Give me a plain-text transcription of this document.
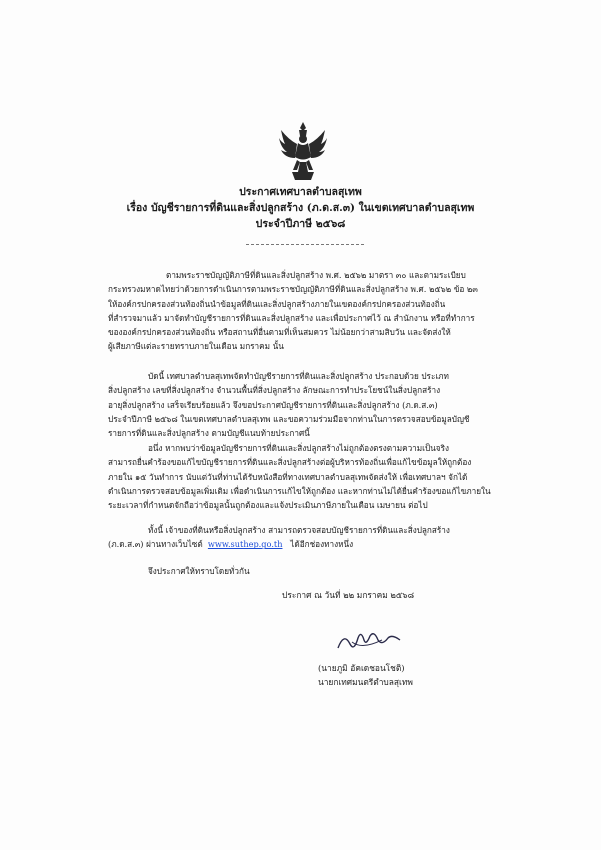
ประกาศเทศบาลตำบลสุเทพ
เรื่อง บัญชีรายการที่ดินและสิ่งปลูกสร้าง (ภ.ด.ส.๓) ในเขตเทศบาลตำบลสุเทพ
ประจำปีภาษี ๒๕๖๘
ตามพระราชบัญญัติภาษีที่ดินและสิ่งปลูกสร้าง พ.ศ. ๒๕๖๒ มาตรา ๓๐ และตามระเบียบ
กระทรวงมหาดไทยว่าด้วยการดำเนินการตามพระราชบัญญัติภาษีที่ดินและสิ่งปลูกสร้าง พ.ศ. ๒๕๖๒ ข้อ ๒๓
ให้องค์กรปกครองส่วนท้องถิ่นนำข้อมูลที่ดินและสิ่งปลูกสร้างภายในเขตองค์กรปกครองส่วนท้องถิ่น
ที่สำรวจมาแล้ว มาจัดทำบัญชีรายการที่ดินและสิ่งปลูกสร้าง และเพื่อประกาศไว้ ณ สำนักงาน หรือที่ทำการ
ขององค์กรปกครองส่วนท้องถิ่น หรือสถานที่อื่นตามที่เห็นสมควร ไม่น้อยกว่าสามสิบวัน และจัดส่งให้
ผู้เสียภาษีแต่ละรายทราบภายในเดือน มกราคม นั้น
บัดนี้ เทศบาลตำบลสุเทพจัดทำบัญชีรายการที่ดินและสิ่งปลูกสร้าง ประกอบด้วย ประเภท
สิ่งปลูกสร้าง เลขที่สิ่งปลูกสร้าง จำนวนพื้นที่สิ่งปลูกสร้าง ลักษณะการทำประโยชน์ในสิ่งปลูกสร้าง
อายุสิ่งปลูกสร้าง เสร็จเรียบร้อยแล้ว จึงขอประกาศบัญชีรายการที่ดินและสิ่งปลูกสร้าง (ภ.ด.ส.๓)
ประจำปีภาษี ๒๕๖๘ ในเขตเทศบาลตำบลสุเทพ และขอความร่วมมือจากท่านในการตรวจสอบข้อมูลบัญชี
รายการที่ดินและสิ่งปลูกสร้าง ตามบัญชีแนบท้ายประกาศนี้
อนึ่ง หากพบว่าข้อมูลบัญชีรายการที่ดินและสิ่งปลูกสร้างไม่ถูกต้องตรงตามความเป็นจริง
สามารถยื่นคำร้องขอแก้ไขบัญชีรายการที่ดินและสิ่งปลูกสร้างต่อผู้บริหารท้องถิ่นเพื่อแก้ไขข้อมูลให้ถูกต้อง
ภายใน ๑๕ วันทำการ นับแต่วันที่ท่านได้รับหนังสือที่ทางเทศบาลตำบลสุเทพจัดส่งให้ เพื่อเทศบาลฯ จักได้
ดำเนินการตรวจสอบข้อมูลเพิ่มเติม เพื่อดำเนินการแก้ไขให้ถูกต้อง และหากท่านไม่ได้ยื่นคำร้องขอแก้ไขภายใน
ระยะเวลาที่กำหนดจักถือว่าข้อมูลนั้นถูกต้องและแจ้งประเมินภาษีภายในเดือน เมษายน ต่อไป
ทั้งนี้ เจ้าของที่ดินหรือสิ่งปลูกสร้าง สามารถตรวจสอบบัญชีรายการที่ดินและสิ่งปลูกสร้าง
(ภ.ด.ส.๓) ผ่านทางเว็บไซต์ www.suthep.go.th ได้อีกช่องทางหนึ่ง
จึงประกาศให้ทราบโดยทั่วกัน
ประกาศ ณ วันที่ ๒๒ มกราคม ๒๕๖๘
(นายภูมิ อัคเดชอนโชติ)
นายกเทศมนตรีตำบลสุเทพ
